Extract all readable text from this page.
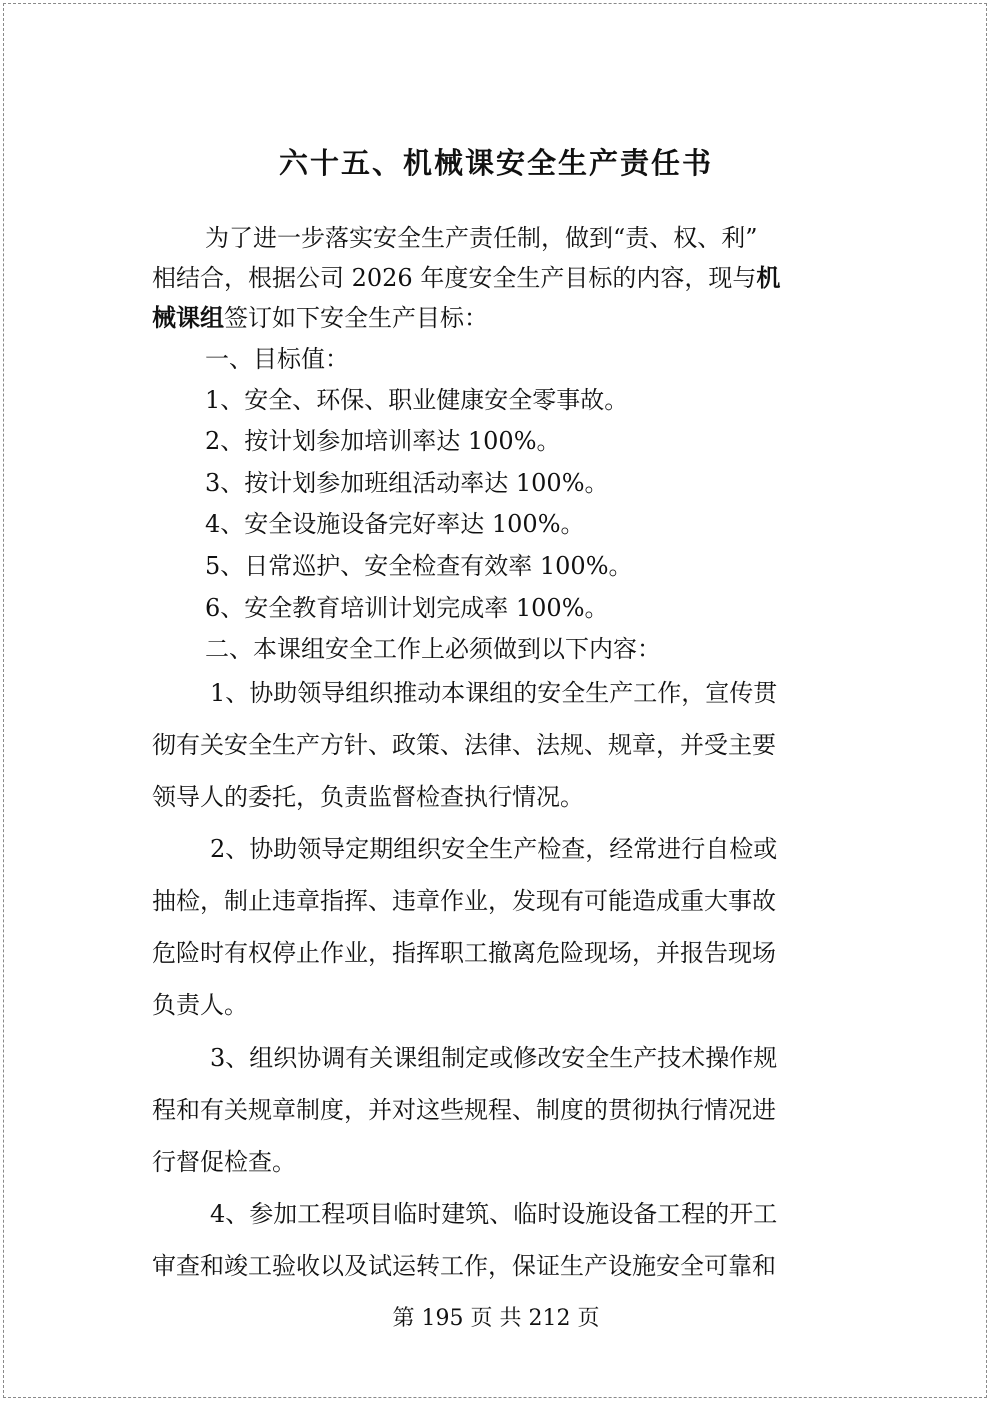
六十五、机械课安全生产责任书
为了进一步落实安全生产责任制，做到“责、权、利”
相结合，根据公司 2026 年度安全生产目标的内容，现与机
械课组签订如下安全生产目标：
一、目标值：
1、安全、环保、职业健康安全零事故。
2、按计划参加培训率达 100%。
3、按计划参加班组活动率达 100%。
4、安全设施设备完好率达 100%。
5、日常巡护、安全检查有效率 100%。
6、安全教育培训计划完成率 100%。
二、本课组安全工作上必须做到以下内容：
1、协助领导组织推动本课组的安全生产工作，宣传贯
彻有关安全生产方针、政策、法律、法规、规章，并受主要
领导人的委托，负责监督检查执行情况。
2、协助领导定期组织安全生产检查，经常进行自检或
抽检，制止违章指挥、违章作业，发现有可能造成重大事故
危险时有权停止作业，指挥职工撤离危险现场，并报告现场
负责人。
3、组织协调有关课组制定或修改安全生产技术操作规
程和有关规章制度，并对这些规程、制度的贯彻执行情况进
行督促检查。
4、参加工程项目临时建筑、临时设施设备工程的开工
审查和竣工验收以及试运转工作，保证生产设施安全可靠和
第 195 页 共 212 页
